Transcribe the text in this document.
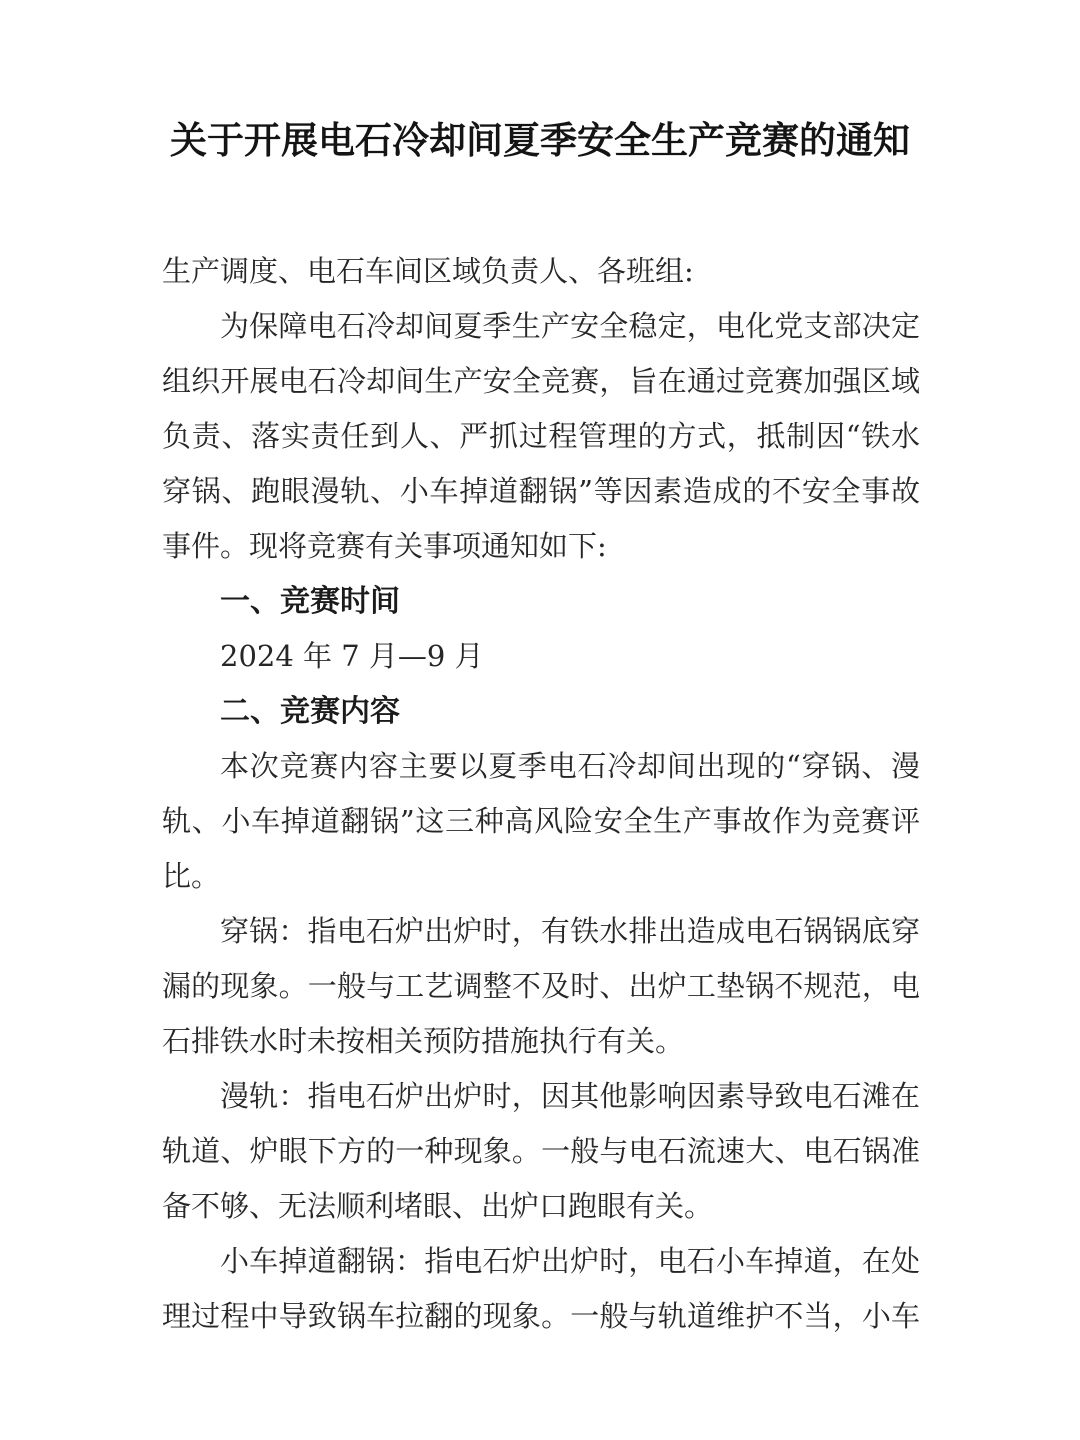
关于开展电石冷却间夏季安全生产竞赛的通知
生产调度、电石车间区域负责人、各班组:
为保障电石冷却间夏季生产安全稳定，电化党支部决定
组织开展电石冷却间生产安全竞赛，旨在通过竞赛加强区域
负责、落实责任到人、严抓过程管理的方式，抵制因“铁水
穿锅、跑眼漫轨、小车掉道翻锅”等因素造成的不安全事故
事件。现将竞赛有关事项通知如下:
一、竞赛时间
2024 年 7 月—9 月
二、竞赛内容
本次竞赛内容主要以夏季电石冷却间出现的“穿锅、漫
轨、小车掉道翻锅”这三种高风险安全生产事故作为竞赛评
比。
穿锅：指电石炉出炉时，有铁水排出造成电石锅锅底穿
漏的现象。一般与工艺调整不及时、出炉工垫锅不规范，电
石排铁水时未按相关预防措施执行有关。
漫轨：指电石炉出炉时，因其他影响因素导致电石滩在
轨道、炉眼下方的一种现象。一般与电石流速大、电石锅准
备不够、无法顺利堵眼、出炉口跑眼有关。
小车掉道翻锅：指电石炉出炉时，电石小车掉道，在处
理过程中导致锅车拉翻的现象。一般与轨道维护不当，小车
